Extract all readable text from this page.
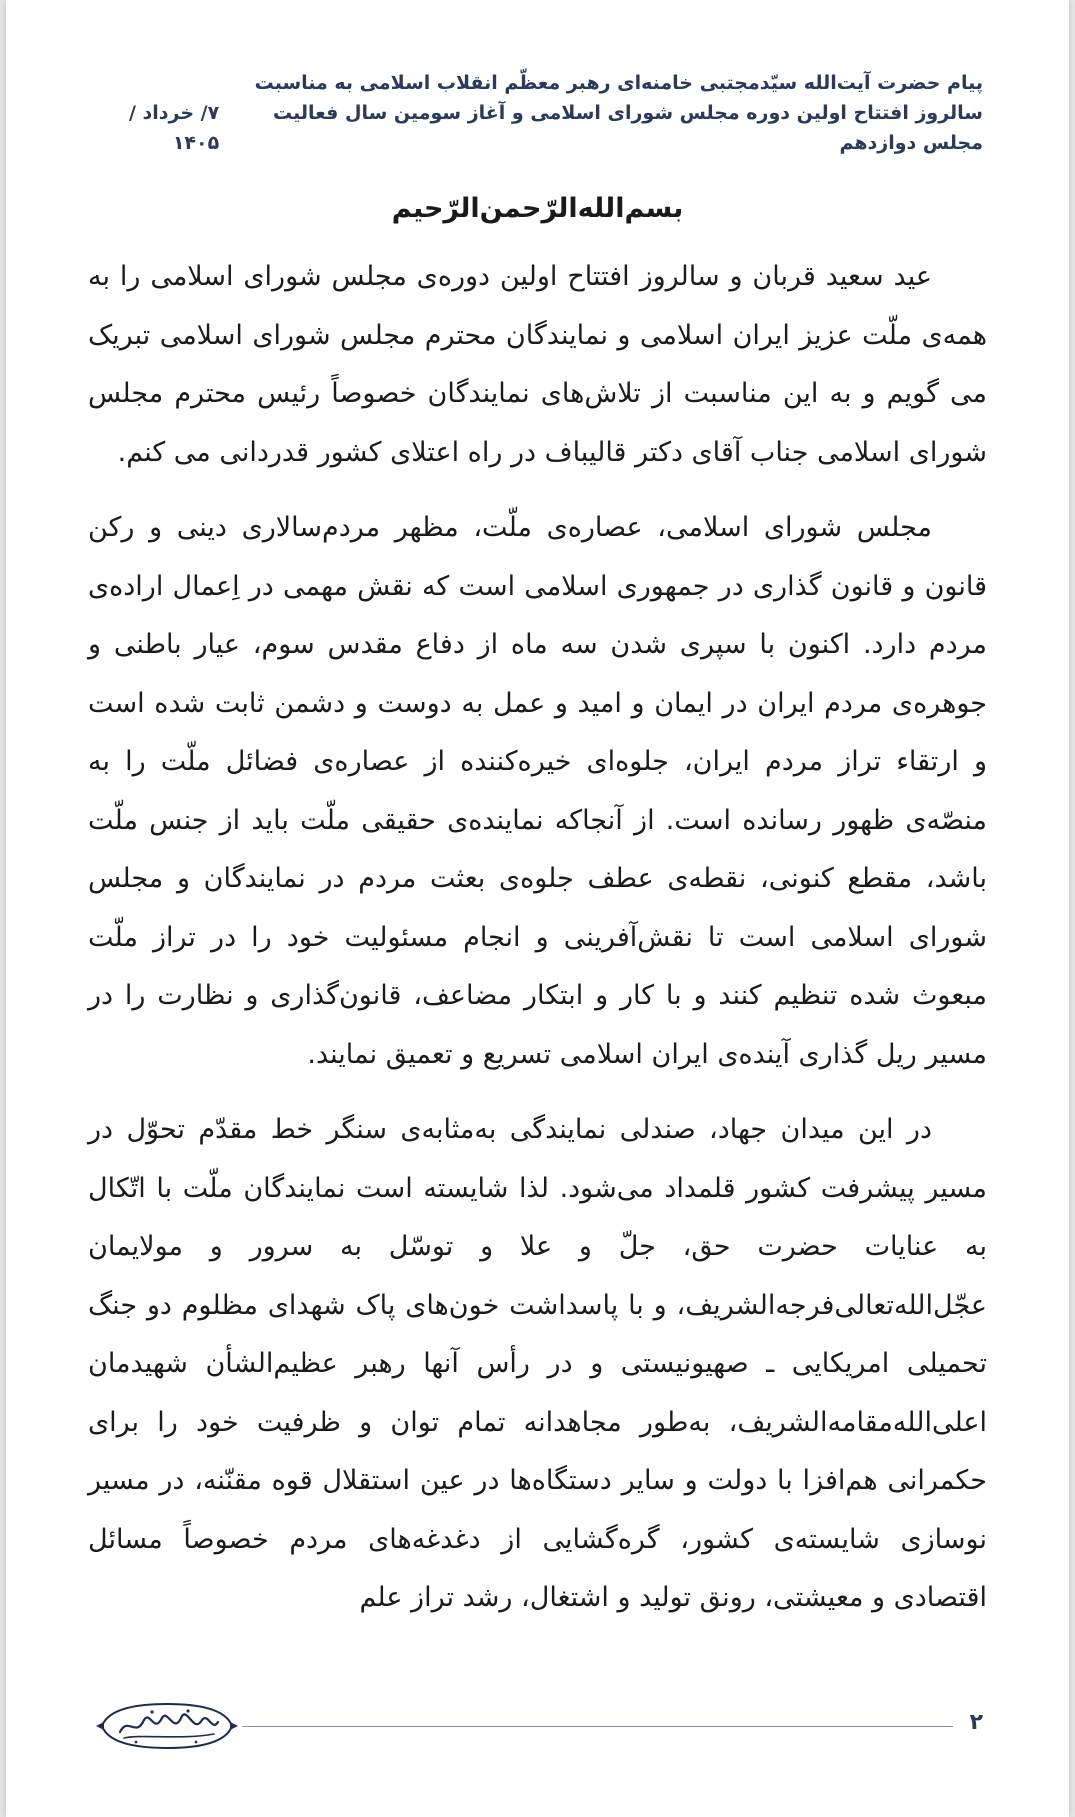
پیام حضرت آیت‌الله سیّدمجتبی خامنه‌ای رهبر معظّم انقلاب اسلامی به مناسبت
سالروز افتتاح اولین دوره مجلس شورای اسلامی و آغاز سومین سال فعالیت مجلس دوازدهم
۷/ خرداد / ۱۴۰۵
بسم‌الله‌الرّحمن‌الرّحیم

عید سعید قربان و سالروز افتتاح اولین دوره‌ی مجلس شورای اسلامی را به همه‌ی ملّت عزیز ایران اسلامی و نمایندگان محترم مجلس شورای اسلامی تبریک می گویم و به این مناسبت از تلاش‌های نمایندگان خصوصاً رئیس محترم مجلس شورای اسلامی جناب آقای دکتر قالیباف در راه اعتلای کشور قدردانی می کنم.

مجلس شورای اسلامی، عصاره‌ی ملّت، مظهر مردم‌سالاری دینی و رکن قانون و قانون گذاری در جمهوری اسلامی است که نقش مهمی در اِعمال اراده‌ی مردم دارد. اکنون با سپری شدن سه ماه از دفاع مقدس سوم، عیار باطنی و جوهره‌ی مردم ایران در ایمان و امید و عمل به دوست و دشمن ثابت شده است و ارتقاء تراز مردم ایران، جلوه‌ای خیره‌کننده از عصاره‌ی فضائل ملّت را به منصّه‌ی ظهور رسانده است. از آنجاکه نماینده‌ی حقیقی ملّت باید از جنس ملّت باشد، مقطع کنونی، نقطه‌ی عطف جلوه‌ی بعثت مردم در نمایندگان و مجلس شورای اسلامی است تا نقش‌آفرینی و انجام مسئولیت خود را در تراز ملّت مبعوث شده تنظیم کنند و با کار و ابتکار مضاعف، قانون‌گذاری و نظارت را در مسیر ریل گذاری آینده‌ی ایران اسلامی تسریع و تعمیق نمایند.

در این میدان جهاد، صندلی نمایندگی به‌مثابه‌ی سنگر خط مقدّم تحوّل در مسیر پیشرفت کشور قلمداد می‌شود. لذا شایسته است نمایندگان ملّت با اتّکال به عنایات حضرت حق، جلّ و علا و توسّل به سرور و مولایمان عجّل‌الله‌تعالی‌فرجه‌الشریف، و با پاسداشت خون‌های پاک شهدای مظلوم دو جنگ تحمیلی امریکایی ـ صهیونیستی و در رأس آنها رهبر عظیم‌الشأن شهیدمان اعلی‌الله‌مقامه‌الشریف، به‌طور مجاهدانه تمام توان و ظرفیت خود را برای حکمرانی هم‌افزا با دولت و سایر دستگاه‌ها در عین استقلال قوه مقنّنه، در مسیر نوسازی شایسته‌ی کشور، گره‌گشایی از دغدغه‌های مردم خصوصاً مسائل اقتصادی و معیشتی، رونق تولید و اشتغال، رشد تراز علم

۲
